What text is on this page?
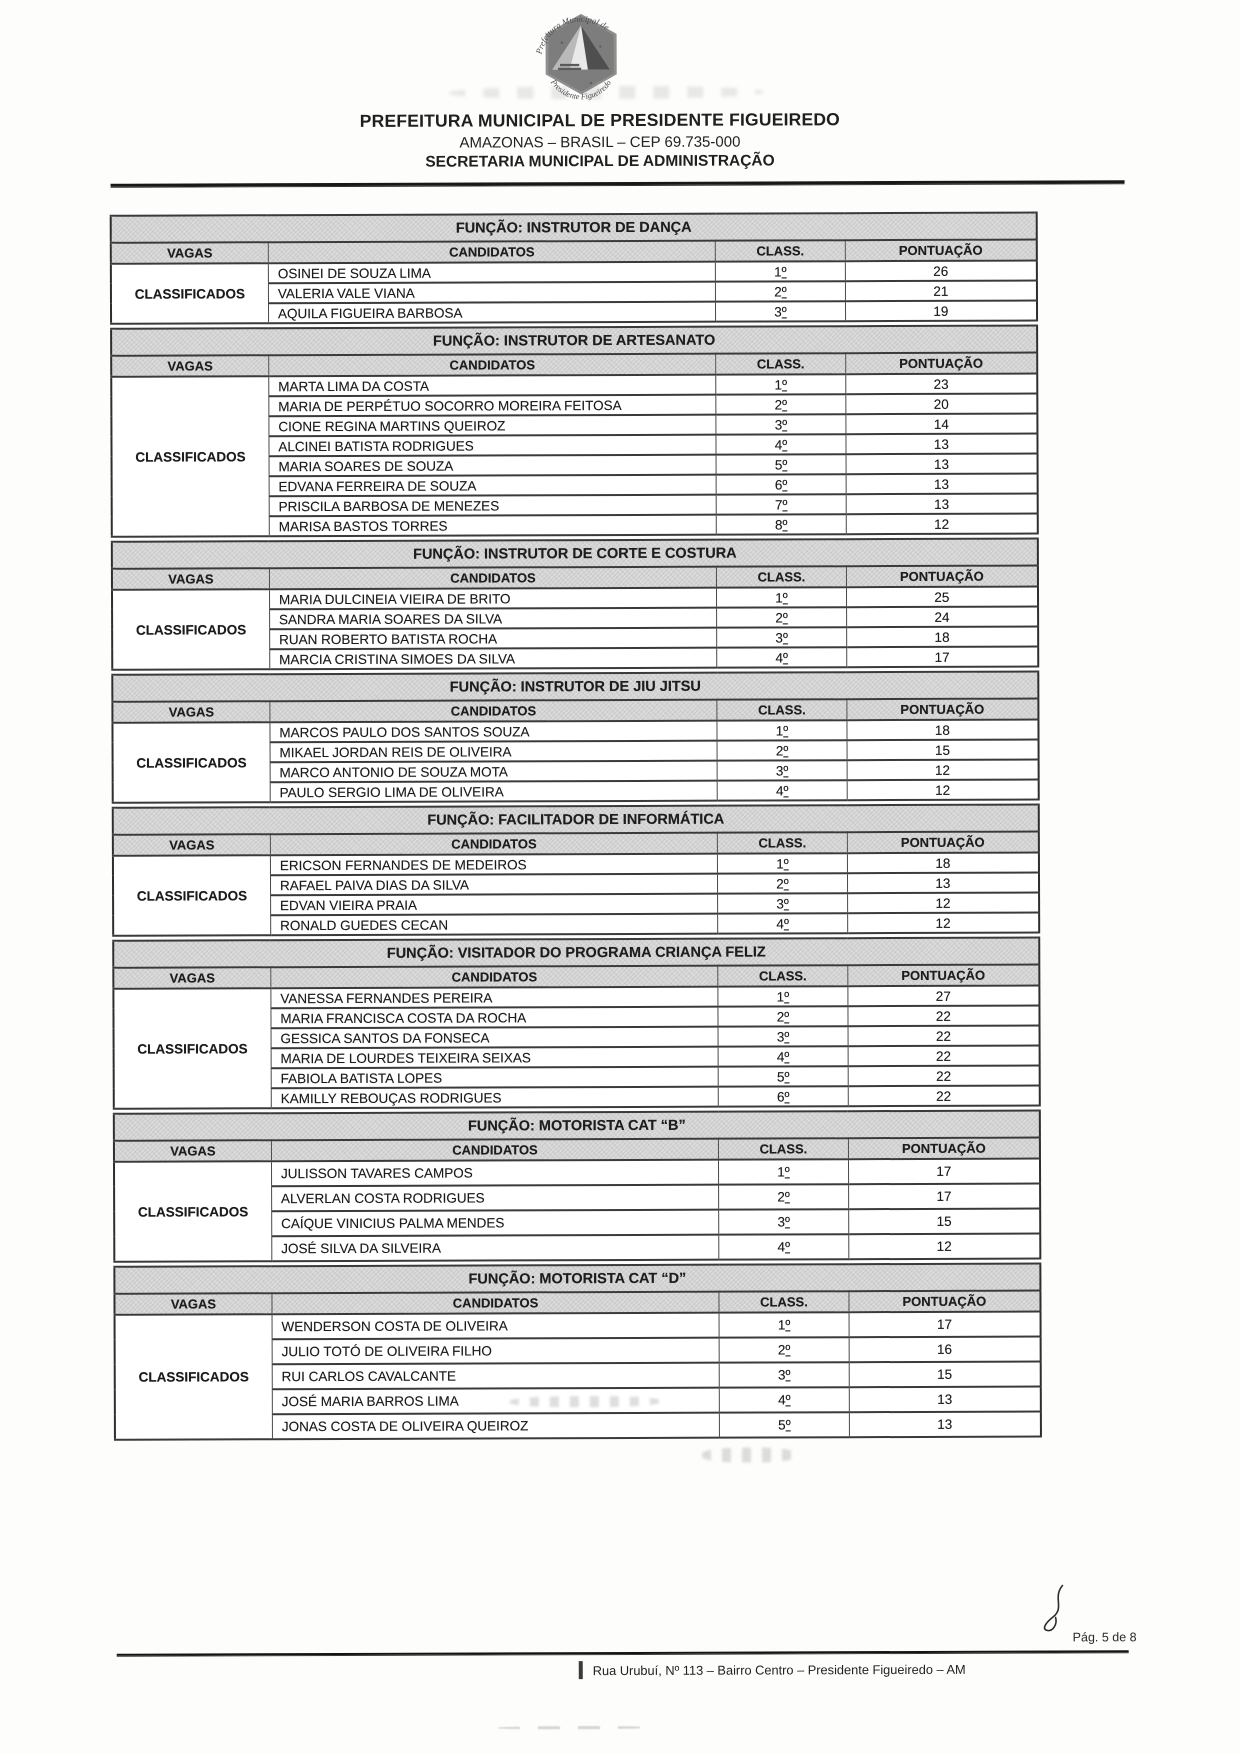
Prefeitura Municipal de
Presidente Figueiredo
PREFEITURA MUNICIPAL DE PRESIDENTE FIGUEIREDO
AMAZONAS – BRASIL – CEP 69.735-000
SECRETARIA MUNICIPAL DE ADMINISTRAÇÃO
FUNÇÃO: INSTRUTOR DE DANÇA			
VAGAS	CANDIDATOS	CLASS.	PONTUAÇÃO
CLASSIFICADOS	OSINEI DE SOUZA LIMA	1º	26
	VALERIA VALE VIANA	2º	21
	AQUILA FIGUEIRA BARBOSA	3º	19
FUNÇÃO: INSTRUTOR DE ARTESANATO			
VAGAS	CANDIDATOS	CLASS.	PONTUAÇÃO
CLASSIFICADOS	MARTA LIMA DA COSTA	1º	23
	MARIA DE PERPÉTUO SOCORRO MOREIRA FEITOSA	2º	20
	CIONE REGINA MARTINS QUEIROZ	3º	14
	ALCINEI BATISTA RODRIGUES	4º	13
	MARIA SOARES DE SOUZA	5º	13
	EDVANA FERREIRA DE SOUZA	6º	13
	PRISCILA BARBOSA DE MENEZES	7º	13
	MARISA BASTOS TORRES	8º	12
FUNÇÃO: INSTRUTOR DE CORTE E COSTURA			
VAGAS	CANDIDATOS	CLASS.	PONTUAÇÃO
CLASSIFICADOS	MARIA DULCINEIA VIEIRA DE BRITO	1º	25
	SANDRA MARIA SOARES DA SILVA	2º	24
	RUAN ROBERTO BATISTA ROCHA	3º	18
	MARCIA CRISTINA SIMOES DA SILVA	4º	17
FUNÇÃO: INSTRUTOR DE JIU JITSU			
VAGAS	CANDIDATOS	CLASS.	PONTUAÇÃO
CLASSIFICADOS	MARCOS PAULO DOS SANTOS SOUZA	1º	18
	MIKAEL JORDAN REIS DE OLIVEIRA	2º	15
	MARCO ANTONIO DE SOUZA MOTA	3º	12
	PAULO SERGIO LIMA DE OLIVEIRA	4º	12
FUNÇÃO: FACILITADOR DE INFORMÁTICA			
VAGAS	CANDIDATOS	CLASS.	PONTUAÇÃO
CLASSIFICADOS	ERICSON FERNANDES DE MEDEIROS	1º	18
	RAFAEL PAIVA DIAS DA SILVA	2º	13
	EDVAN VIEIRA PRAIA	3º	12
	RONALD GUEDES CECAN	4º	12
FUNÇÃO: VISITADOR DO PROGRAMA CRIANÇA FELIZ			
VAGAS	CANDIDATOS	CLASS.	PONTUAÇÃO
CLASSIFICADOS	VANESSA FERNANDES PEREIRA	1º	27
	MARIA FRANCISCA COSTA DA ROCHA	2º	22
	GESSICA SANTOS DA FONSECA	3º	22
	MARIA DE LOURDES TEIXEIRA SEIXAS	4º	22
	FABIOLA BATISTA LOPES	5º	22
	KAMILLY REBOUÇAS RODRIGUES	6º	22
FUNÇÃO: MOTORISTA CAT “B”			
VAGAS	CANDIDATOS	CLASS.	PONTUAÇÃO
CLASSIFICADOS	JULISSON TAVARES CAMPOS	1º	17
	ALVERLAN COSTA RODRIGUES	2º	17
	CAÍQUE VINICIUS PALMA MENDES	3º	15
	JOSÉ SILVA DA SILVEIRA	4º	12
FUNÇÃO: MOTORISTA CAT “D”			
VAGAS	CANDIDATOS	CLASS.	PONTUAÇÃO
CLASSIFICADOS	WENDERSON COSTA DE OLIVEIRA	1º	17
	JULIO TOTÓ DE OLIVEIRA FILHO	2º	16
	RUI CARLOS CAVALCANTE	3º	15
	JOSÉ MARIA BARROS LIMA	4º	13
	JONAS COSTA DE OLIVEIRA QUEIROZ	5º	13
Pág. 5 de 8
Rua Urubuí, Nº 113 – Bairro Centro – Presidente Figueiredo – AM
